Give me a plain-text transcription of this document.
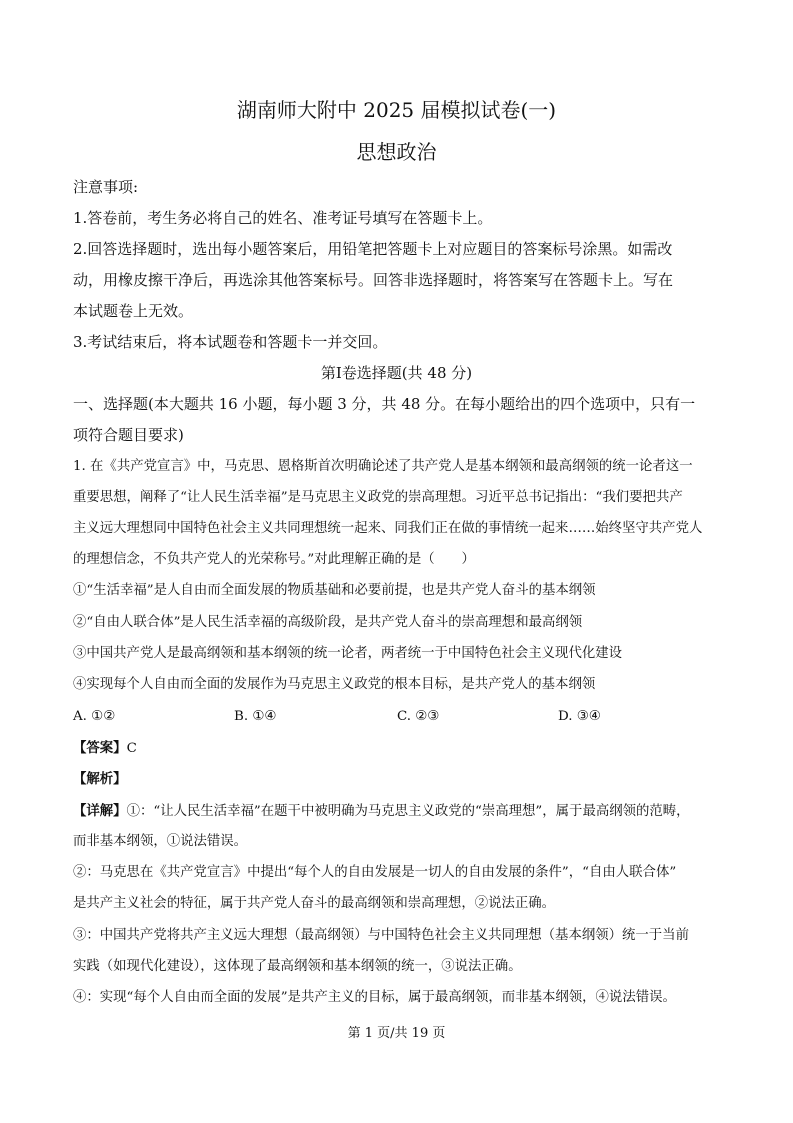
湖南师大附中 2025 届模拟试卷(一)
思想政治
注意事项:
1.答卷前，考生务必将自己的姓名、准考证号填写在答题卡上。
2.回答选择题时，选出每小题答案后，用铅笔把答题卡上对应题目的答案标号涂黑。如需改
动，用橡皮擦干净后，再选涂其他答案标号。回答非选择题时，将答案写在答题卡上。写在
本试题卷上无效。
3.考试结束后，将本试题卷和答题卡一并交回。
第Ⅰ卷选择题(共 48 分)
一、选择题(本大题共 16 小题，每小题 3 分，共 48 分。在每小题给出的四个选项中，只有一
项符合题目要求)
1. 在《共产党宣言》中，马克思、恩格斯首次明确论述了共产党人是基本纲领和最高纲领的统一论者这一
重要思想，阐释了“让人民生活幸福”是马克思主义政党的崇高理想。习近平总书记指出：“我们要把共产
主义远大理想同中国特色社会主义共同理想统一起来、同我们正在做的事情统一起来……始终坚守共产党人
的理想信念，不负共产党人的光荣称号。”对此理解正确的是（　　）
①“生活幸福”是人自由而全面发展的物质基础和必要前提，也是共产党人奋斗的基本纲领
②“自由人联合体”是人民生活幸福的高级阶段，是共产党人奋斗的崇高理想和最高纲领
③中国共产党人是最高纲领和基本纲领的统一论者，两者统一于中国特色社会主义现代化建设
④实现每个人自由而全面的发展作为马克思主义政党的根本目标，是共产党人的基本纲领
A. ①②	B. ①④	C. ②③	D. ③④
【答案】C
【解析】
【详解】①：“让人民生活幸福”在题干中被明确为马克思主义政党的“崇高理想”，属于最高纲领的范畴，
而非基本纲领，①说法错误。
②：马克思在《共产党宣言》中提出“每个人的自由发展是一切人的自由发展的条件”，“自由人联合体”
是共产主义社会的特征，属于共产党人奋斗的最高纲领和崇高理想，②说法正确。
③：中国共产党将共产主义远大理想（最高纲领）与中国特色社会主义共同理想（基本纲领）统一于当前
实践（如现代化建设），这体现了最高纲领和基本纲领的统一，③说法正确。
④：实现“每个人自由而全面的发展”是共产主义的目标，属于最高纲领，而非基本纲领，④说法错误。
第 1 页/共 19 页
